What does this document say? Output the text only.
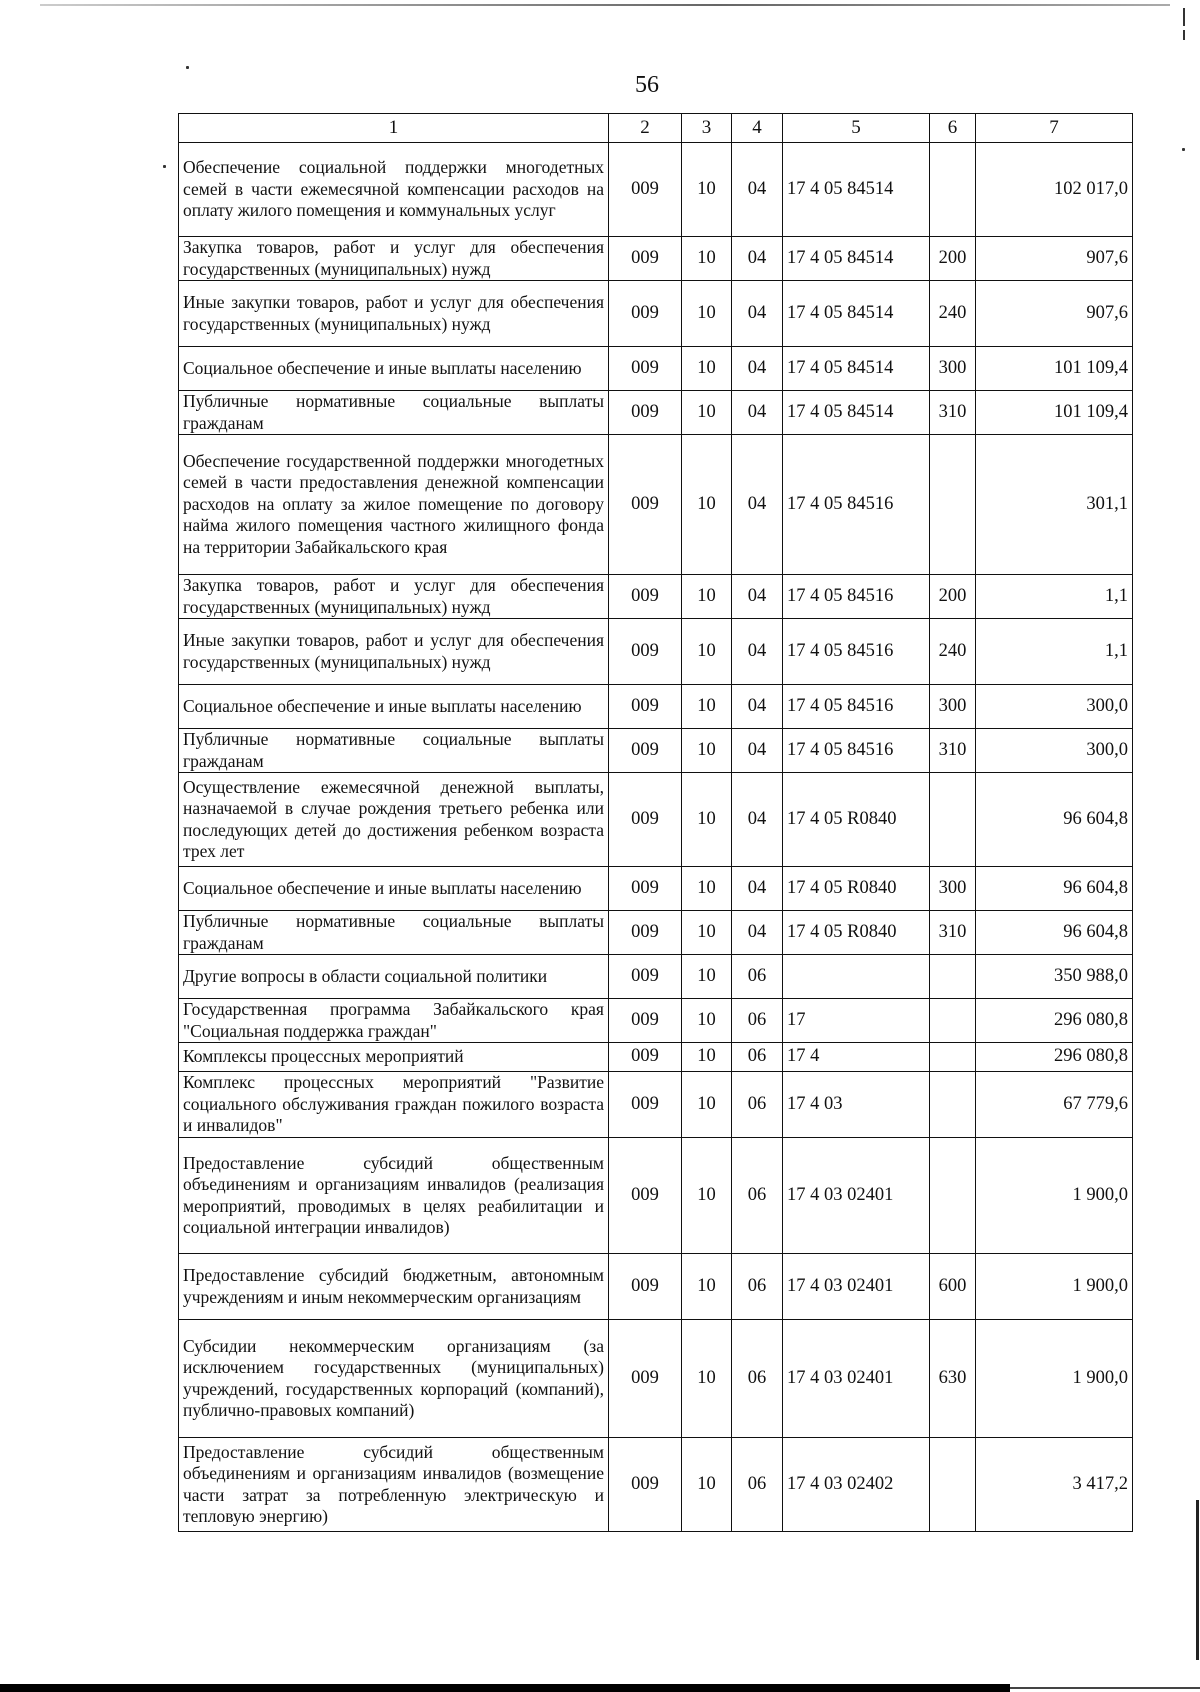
56
1	2	3	4	5	6	7
Обеспечение социальной поддержки многодетных семей в части ежемесячной компенсации расходов на оплату жилого помещения и коммунальных услуг	009	10	04	17 4 05 84514		102 017,0
Закупка товаров, работ и услуг для обеспечения государственных (муниципальных) нужд	009	10	04	17 4 05 84514	200	907,6
Иные закупки товаров, работ и услуг для обеспечения государственных (муниципальных) нужд	009	10	04	17 4 05 84514	240	907,6
Социальное обеспечение и иные выплаты населению	009	10	04	17 4 05 84514	300	101 109,4
Публичные нормативные социальные выплаты гражданам	009	10	04	17 4 05 84514	310	101 109,4
Обеспечение государственной поддержки многодетных семей в части предоставления денежной компенсации расходов на оплату за жилое помещение по договору найма жилого помещения частного жилищного фонда на территории Забайкальского края	009	10	04	17 4 05 84516		301,1
Закупка товаров, работ и услуг для обеспечения государственных (муниципальных) нужд	009	10	04	17 4 05 84516	200	1,1
Иные закупки товаров, работ и услуг для обеспечения государственных (муниципальных) нужд	009	10	04	17 4 05 84516	240	1,1
Социальное обеспечение и иные выплаты населению	009	10	04	17 4 05 84516	300	300,0
Публичные нормативные социальные выплаты гражданам	009	10	04	17 4 05 84516	310	300,0
Осуществление ежемесячной денежной выплаты, назначаемой в случае рождения третьего ребенка или последующих детей до достижения ребенком возраста трех лет	009	10	04	17 4 05 R0840		96 604,8
Социальное обеспечение и иные выплаты населению	009	10	04	17 4 05 R0840	300	96 604,8
Публичные нормативные социальные выплаты гражданам	009	10	04	17 4 05 R0840	310	96 604,8
Другие вопросы в области социальной политики	009	10	06			350 988,0
Государственная программа Забайкальского края "Социальная поддержка граждан"	009	10	06	17		296 080,8
Комплексы процессных мероприятий	009	10	06	17 4		296 080,8
Комплекс процессных мероприятий "Развитие социального обслуживания граждан пожилого возраста и инвалидов"	009	10	06	17 4 03		67 779,6
Предоставление субсидий общественным объединениям и организациям инвалидов (реализация мероприятий, проводимых в целях реабилитации и социальной интеграции инвалидов)	009	10	06	17 4 03 02401		1 900,0
Предоставление субсидий бюджетным, автономным учреждениям и иным некоммерческим организациям	009	10	06	17 4 03 02401	600	1 900,0
Субсидии некоммерческим организациям (за исключением государственных (муниципальных) учреждений, государственных корпораций (компаний), публично-правовых компаний)	009	10	06	17 4 03 02401	630	1 900,0
Предоставление субсидий общественным объединениям и организациям инвалидов (возмещение части затрат за потребленную электрическую и тепловую энергию)	009	10	06	17 4 03 02402		3 417,2
